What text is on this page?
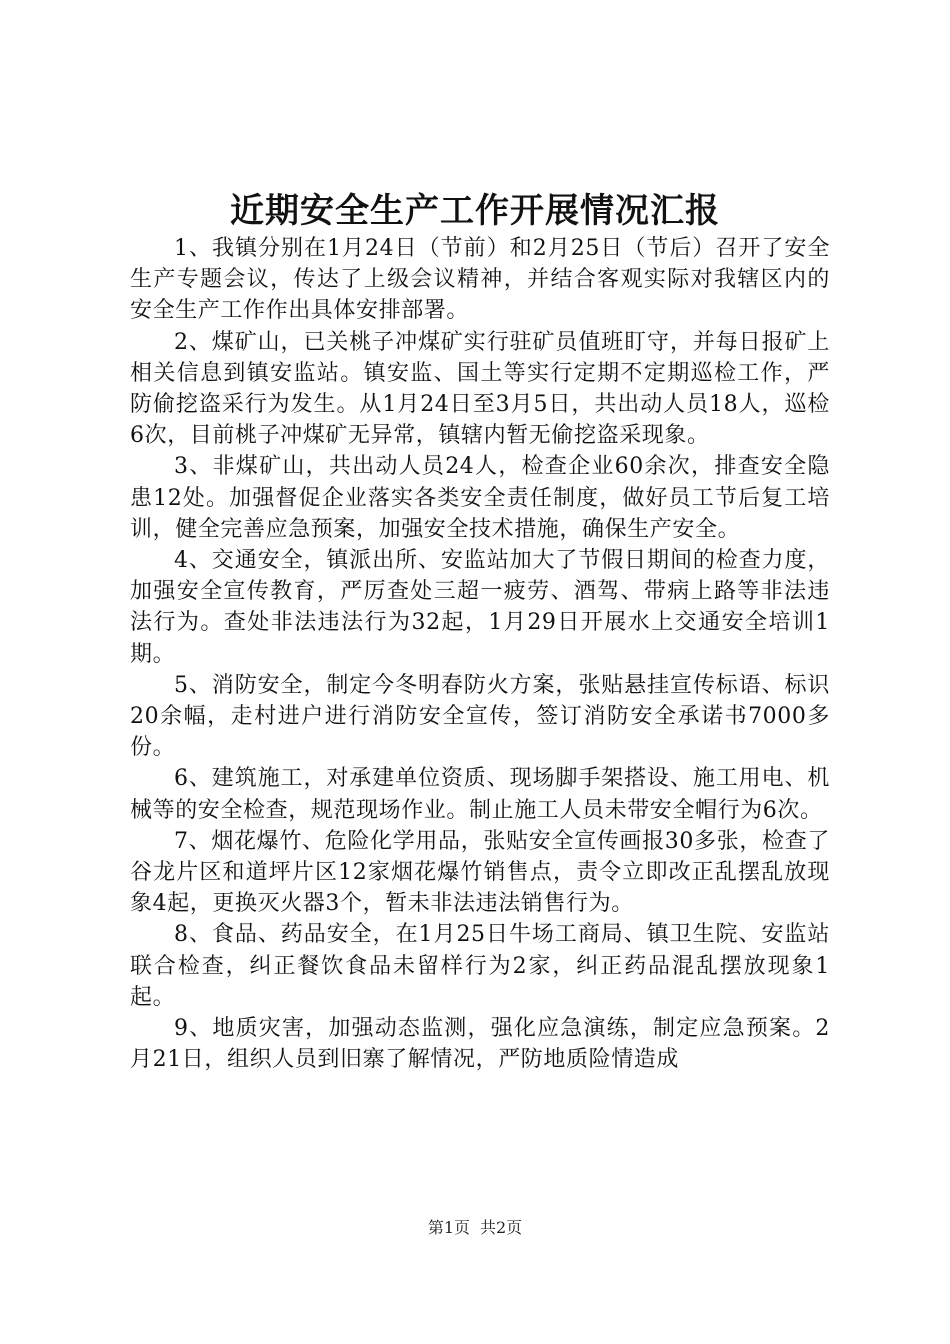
近期安全生产工作开展情况汇报

1、我镇分别在1月24日（节前）和2月25日（节后）召开了安全生产专题会议，传达了上级会议精神，并结合客观实际对我辖区内的安全生产工作作出具体安排部署。

2、煤矿山，已关桃子冲煤矿实行驻矿员值班盯守，并每日报矿上相关信息到镇安监站。镇安监、国土等实行定期不定期巡检工作，严防偷挖盗采行为发生。从1月24日至3月5日，共出动人员18人，巡检6次，目前桃子冲煤矿无异常，镇辖内暂无偷挖盗采现象。

3、非煤矿山，共出动人员24人，检查企业60余次，排查安全隐患12处。加强督促企业落实各类安全责任制度，做好员工节后复工培训，健全完善应急预案，加强安全技术措施，确保生产安全。

4、交通安全，镇派出所、安监站加大了节假日期间的检查力度，加强安全宣传教育，严厉查处三超一疲劳、酒驾、带病上路等非法违法行为。查处非法违法行为32起，1月29日开展水上交通安全培训1期。

5、消防安全，制定今冬明春防火方案，张贴悬挂宣传标语、标识20余幅，走村进户进行消防安全宣传，签订消防安全承诺书7000多份。

6、建筑施工，对承建单位资质、现场脚手架搭设、施工用电、机械等的安全检查，规范现场作业。制止施工人员未带安全帽行为6次。

7、烟花爆竹、危险化学用品，张贴安全宣传画报30多张，检查了谷龙片区和道坪片区12家烟花爆竹销售点，责令立即改正乱摆乱放现象4起，更换灭火器3个，暂未非法违法销售行为。

8、食品、药品安全，在1月25日牛场工商局、镇卫生院、安监站联合检查，纠正餐饮食品未留样行为2家，纠正药品混乱摆放现象1起。

9、地质灾害，加强动态监测，强化应急演练，制定应急预案。2月21日，组织人员到旧寨了解情况，严防地质险情造成

第1页 共2页
